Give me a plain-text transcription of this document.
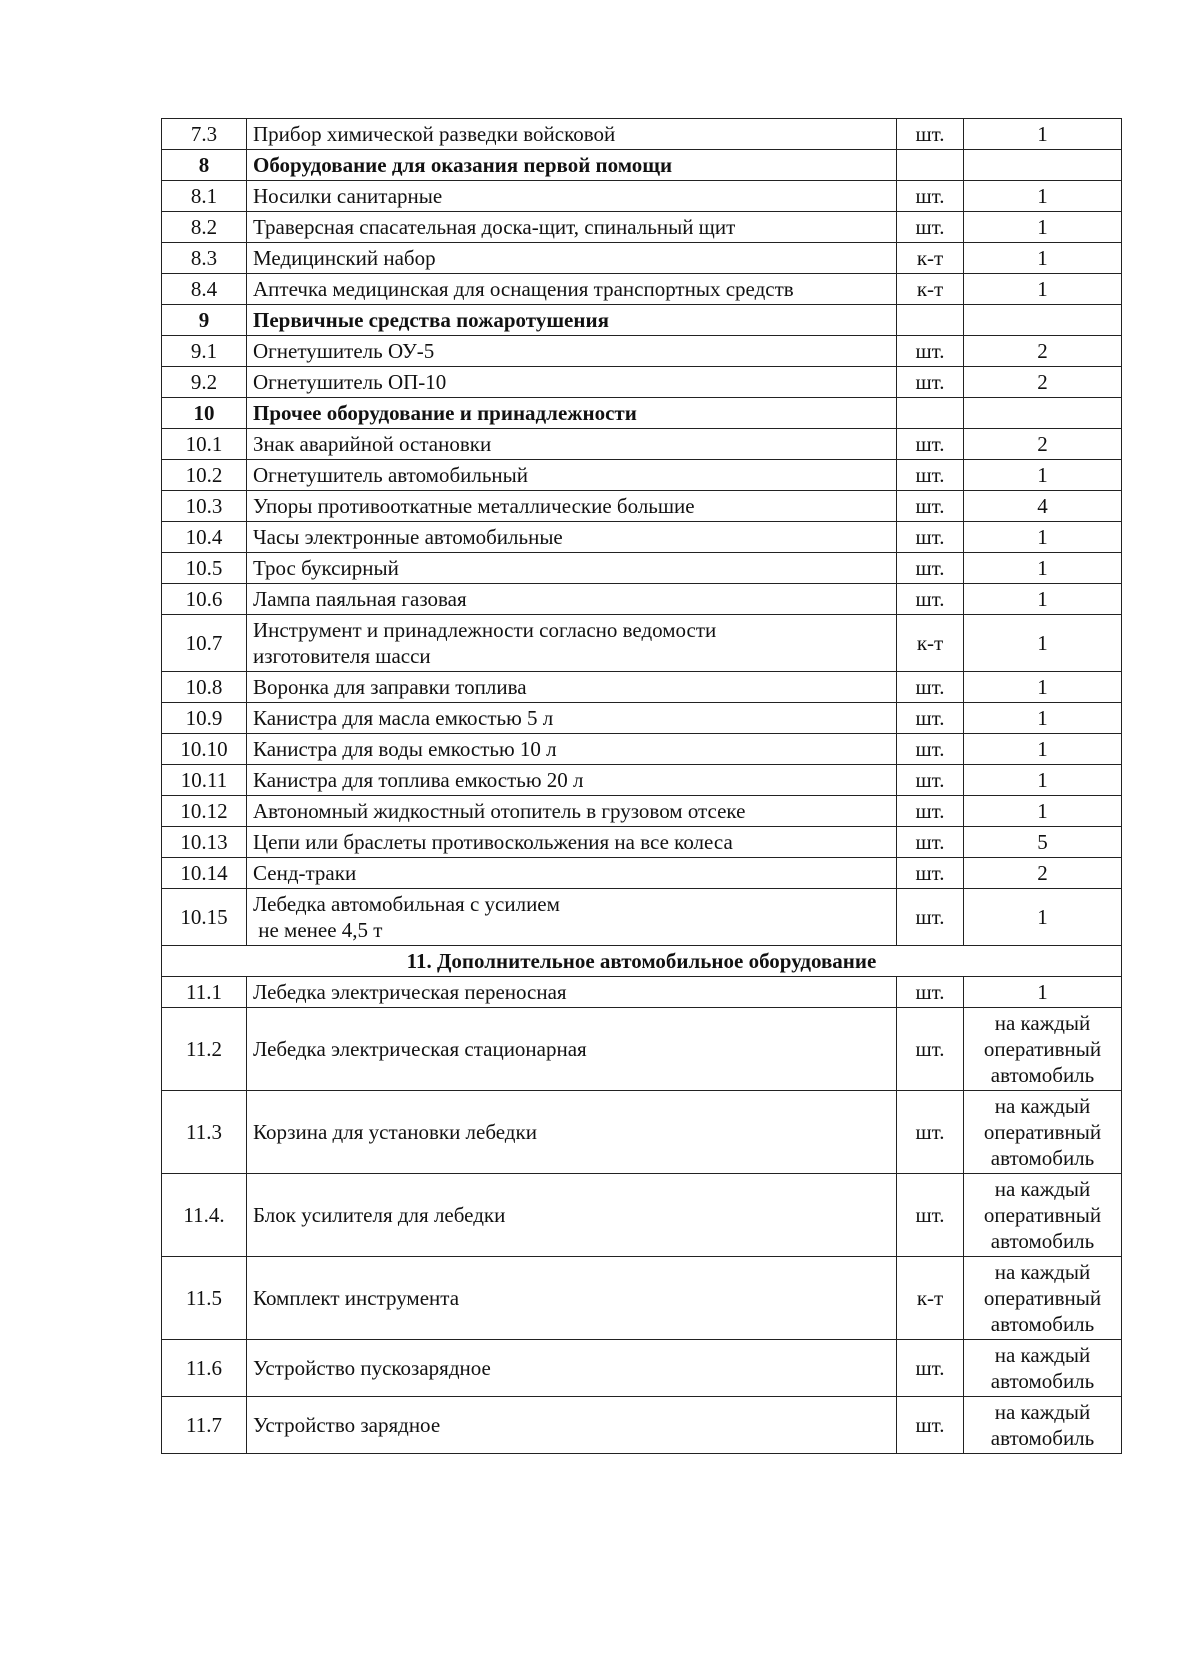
7.3	Прибор химической разведки войсковой	шт.	1
8	Оборудование для оказания первой помощи		
8.1	Носилки санитарные	шт.	1
8.2	Траверсная спасательная доска-щит, спинальный щит	шт.	1
8.3	Медицинский набор	к-т	1
8.4	Аптечка медицинская для оснащения транспортных средств	к-т	1
9	Первичные средства пожаротушения		
9.1	Огнетушитель ОУ-5	шт.	2
9.2	Огнетушитель ОП-10	шт.	2
10	Прочее оборудование и принадлежности		
10.1	Знак аварийной остановки	шт.	2
10.2	Огнетушитель автомобильный	шт.	1
10.3	Упоры противооткатные металлические большие	шт.	4
10.4	Часы электронные автомобильные	шт.	1
10.5	Трос буксирный	шт.	1
10.6	Лампа паяльная газовая	шт.	1
10.7	Инструмент и принадлежности согласно ведомости
изготовителя шасси	к-т	1
10.8	Воронка для заправки топлива	шт.	1
10.9	Канистра для масла емкостью 5 л	шт.	1
10.10	Канистра для воды емкостью 10 л	шт.	1
10.11	Канистра для топлива емкостью 20 л	шт.	1
10.12	Автономный жидкостный отопитель в грузовом отсеке	шт.	1
10.13	Цепи или браслеты противоскольжения на все колеса	шт.	5
10.14	Сенд-траки	шт.	2
10.15	Лебедка автомобильная с усилием
не менее 4,5 т	шт.	1
11. Дополнительное автомобильное оборудование			
11.1	Лебедка электрическая переносная	шт.	1
11.2	Лебедка электрическая стационарная	шт.	на каждый
оперативный
автомобиль

11.3	Корзина для установки лебедки	шт.	на каждый
оперативный
автомобиль

11.4.	Блок усилителя для лебедки	шт.	на каждый
оперативный
автомобиль

11.5	Комплект инструмента	к-т	на каждый
оперативный
автомобиль

11.6	Устройство пускозарядное	шт.	на каждый
автомобиль

11.7	Устройство зарядное	шт.	на каждый
автомобиль
